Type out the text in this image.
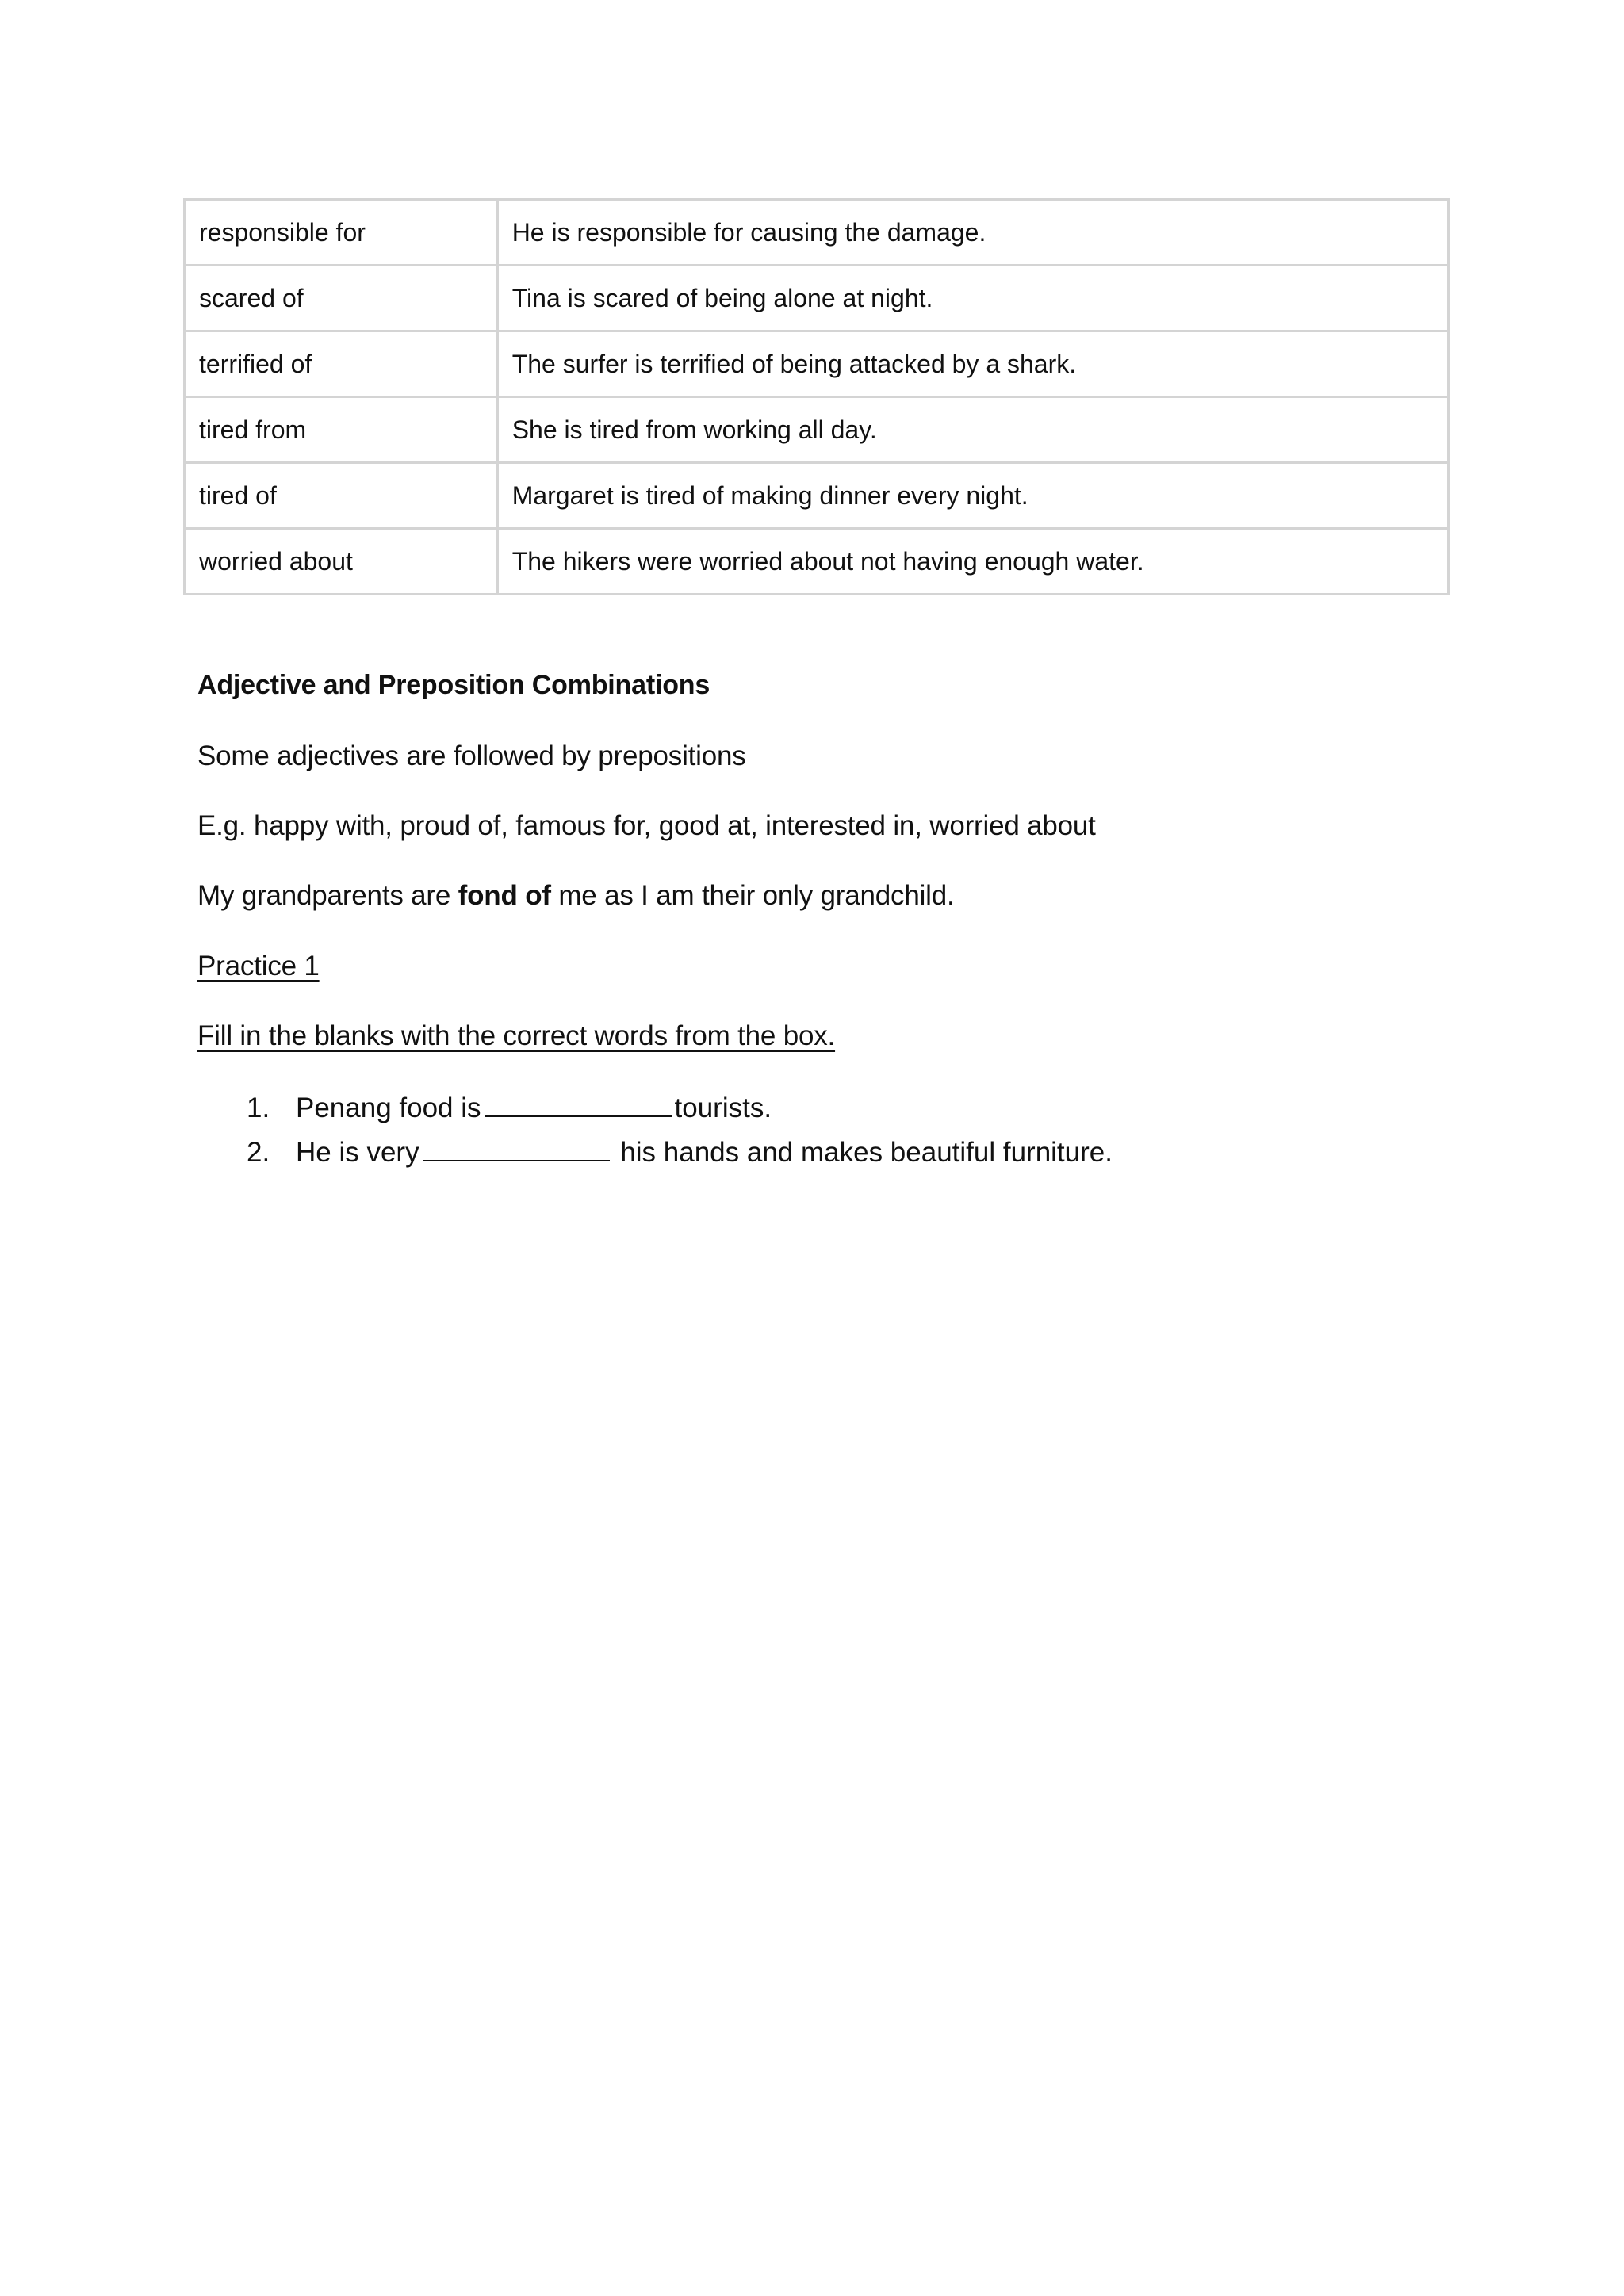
responsible for	He is responsible for causing the damage.
scared of	Tina is scared of being alone at night.
terrified of	The surfer is terrified of being attacked by a shark.
tired from	She is tired from working all day.
tired of	Margaret is tired of making dinner every night.
worried about	The hikers were worried about not having enough water.
Adjective and Preposition Combinations
Some adjectives are followed by prepositions
E.g. happy with, proud of, famous for, good at, interested in, worried about
My grandparents are fond of me as I am their only grandchild.
Practice 1
Fill in the blanks with the correct words from the box.
1. Penang food is	tourists.
2. He is very	his hands and makes beautiful furniture.
